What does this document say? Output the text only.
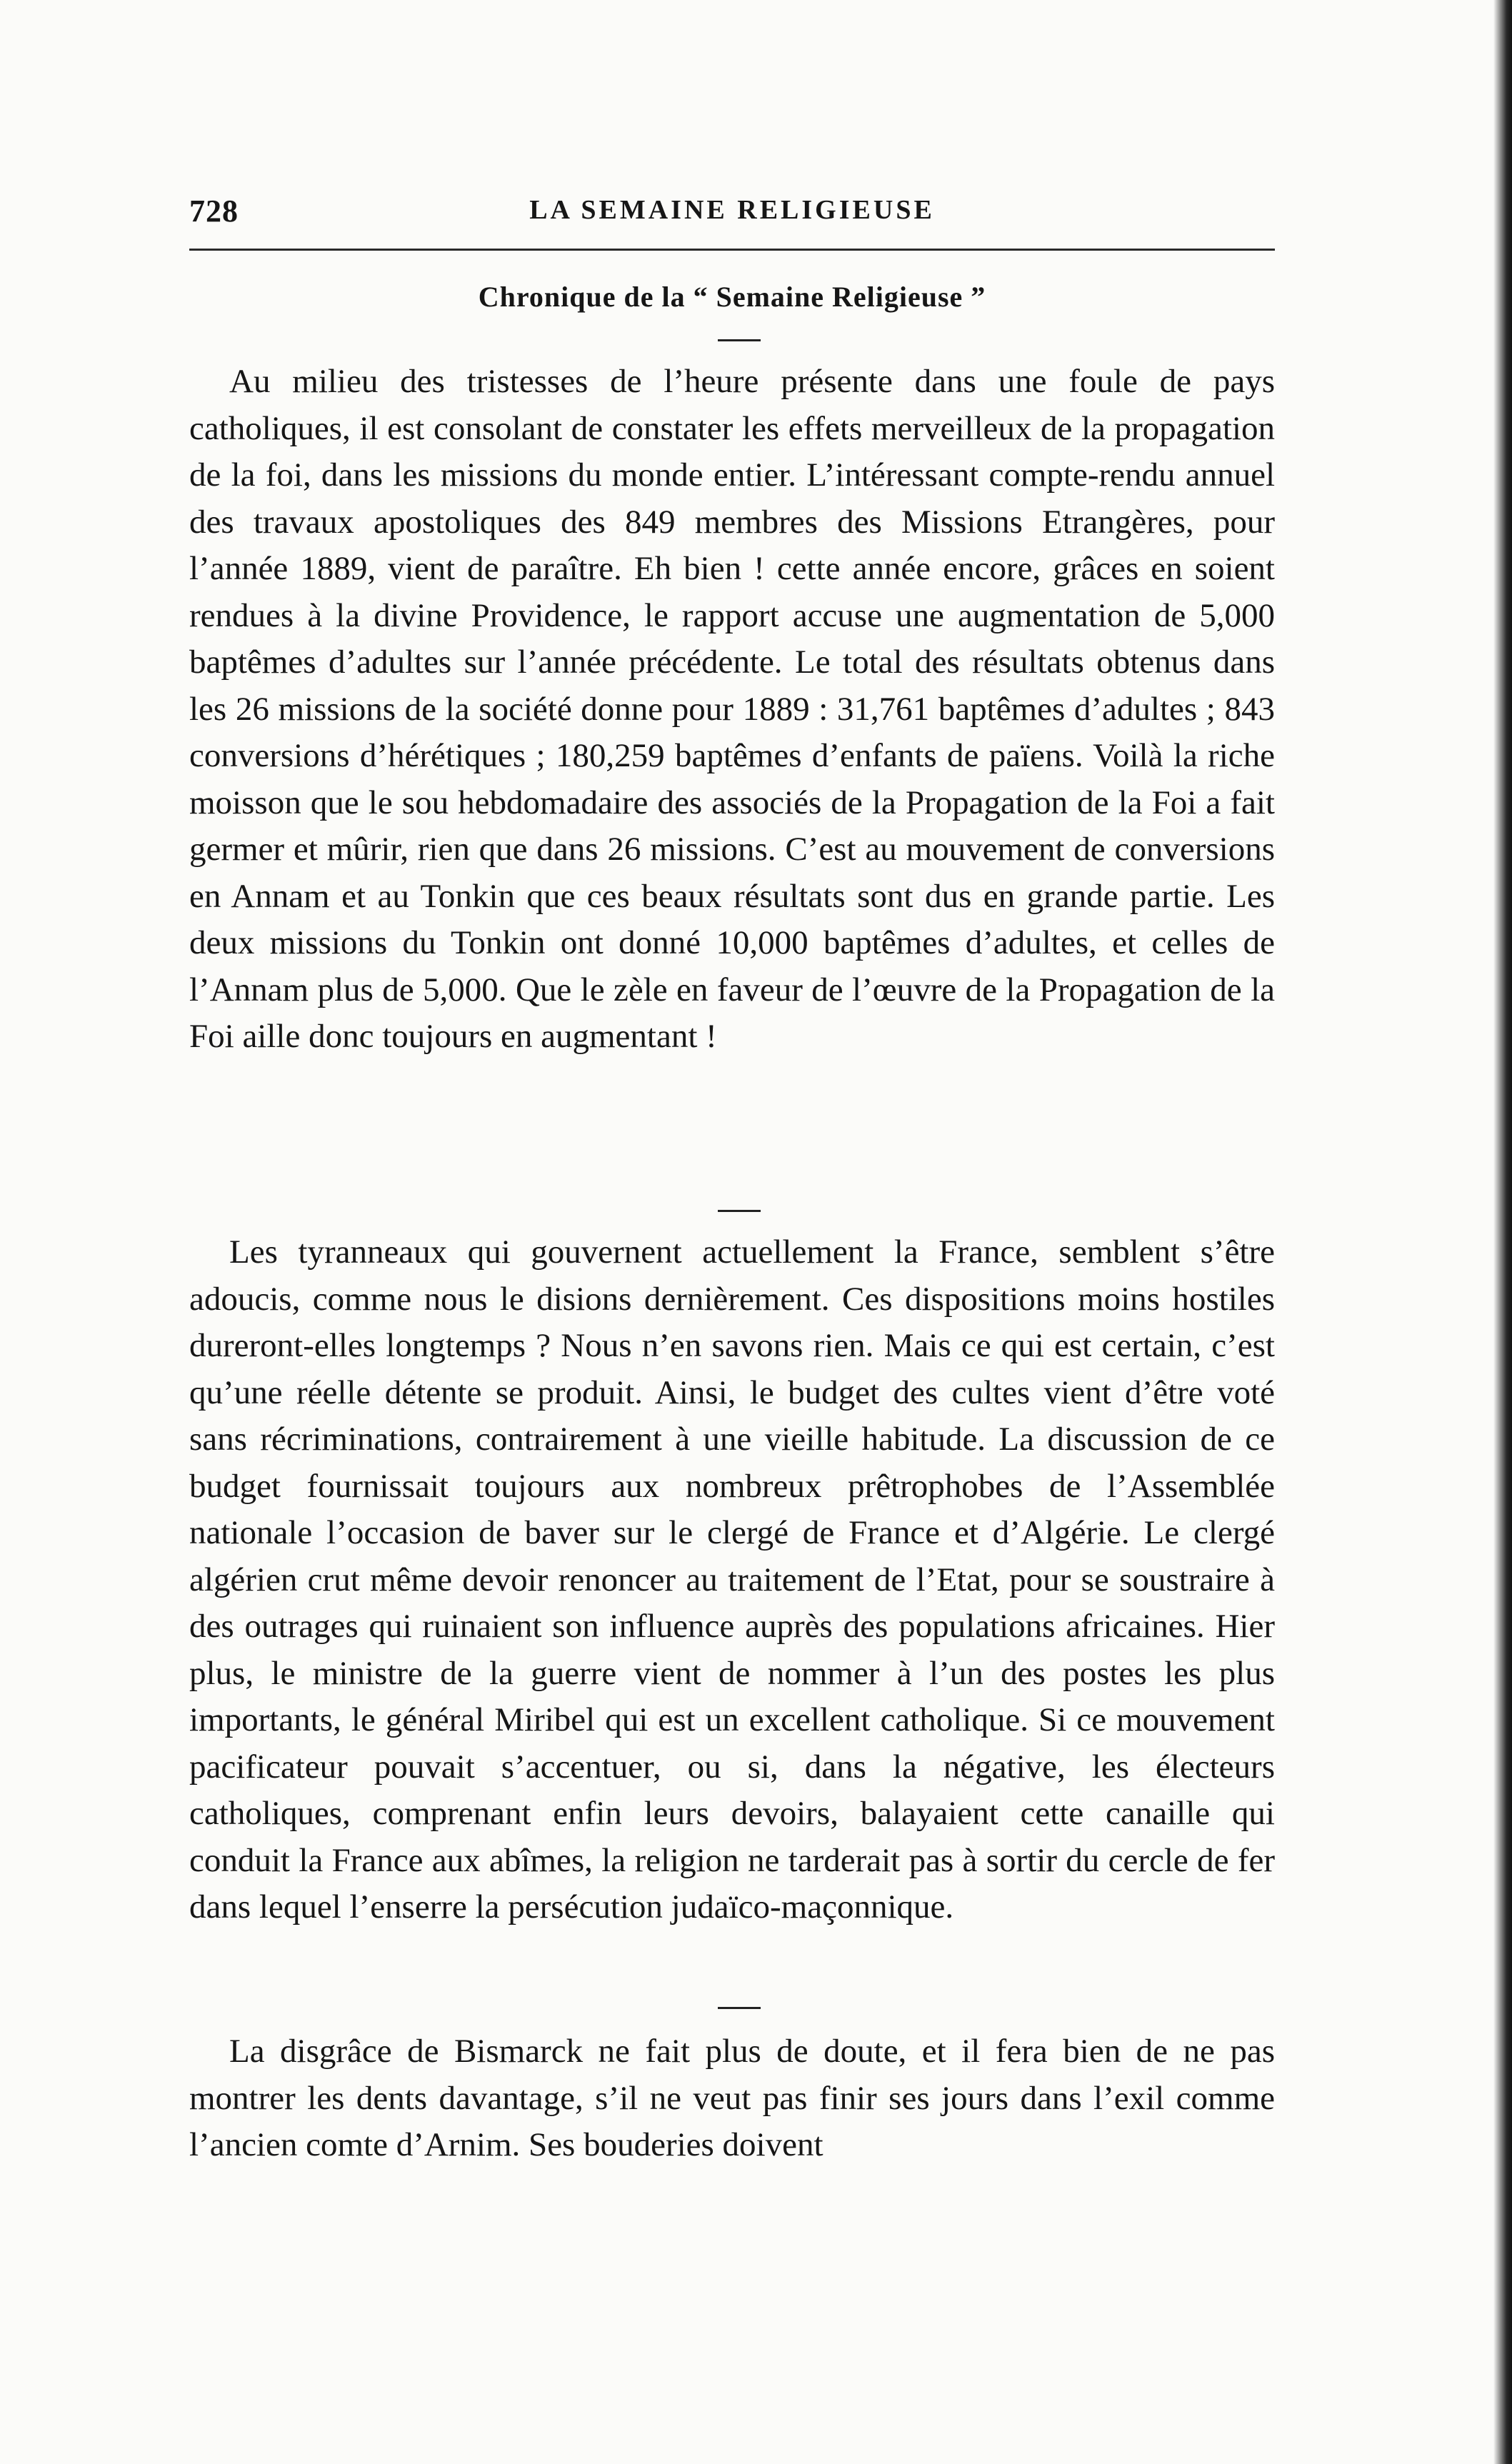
728	LA SEMAINE RELIGIEUSE
Chronique de la “ Semaine Religieuse ”

Au milieu des tristesses de l’heure présente dans une foule de pays catholiques, il est consolant de constater les effets merveilleux de la propagation de la foi, dans les missions du monde entier. L’intéressant compte-rendu annuel des travaux apostoliques des 849 membres des Missions Etrangères, pour l’année 1889, vient de paraître. Eh bien ! cette année encore, grâces en soient rendues à la divine Providence, le rapport accuse une augmentation de 5,000 baptêmes d’adultes sur l’année précédente. Le total des résultats obtenus dans les 26 missions de la société donne pour 1889 : 31,761 baptêmes d’adultes ; 843 conversions d’hérétiques ; 180,259 baptêmes d’enfants de païens. Voilà la riche moisson que le sou hebdomadaire des associés de la Propagation de la Foi a fait germer et mûrir, rien que dans 26 missions. C’est au mouvement de conversions en Annam et au Tonkin que ces beaux résultats sont dus en grande partie. Les deux missions du Tonkin ont donné 10,000 baptêmes d’adultes, et celles de l’Annam plus de 5,000. Que le zèle en faveur de l’œuvre de la Propagation de la Foi aille donc toujours en augmentant !

Les tyranneaux qui gouvernent actuellement la France, semblent s’être adoucis, comme nous le disions dernièrement. Ces dispositions moins hostiles dureront-elles longtemps ? Nous n’en savons rien. Mais ce qui est certain, c’est qu’une réelle détente se produit. Ainsi, le budget des cultes vient d’être voté sans récriminations, contrairement à une vieille habitude. La discussion de ce budget fournissait toujours aux nombreux prêtrophobes de l’Assemblée nationale l’occasion de baver sur le clergé de France et d’Algérie. Le clergé algérien crut même devoir renoncer au traitement de l’Etat, pour se soustraire à des outrages qui ruinaient son influence auprès des populations africaines. Hier plus, le ministre de la guerre vient de nommer à l’un des postes les plus importants, le général Miribel qui est un excellent catholique. Si ce mouvement pacificateur pouvait s’accentuer, ou si, dans la négative, les électeurs catholiques, comprenant enfin leurs devoirs, balayaient cette canaille qui conduit la France aux abîmes, la religion ne tarderait pas à sortir du cercle de fer dans lequel l’enserre la persécution judaïco-maçonnique.

La disgrâce de Bismarck ne fait plus de doute, et il fera bien de ne pas montrer les dents davantage, s’il ne veut pas finir ses jours dans l’exil comme l’ancien comte d’Arnim. Ses bouderies doivent
